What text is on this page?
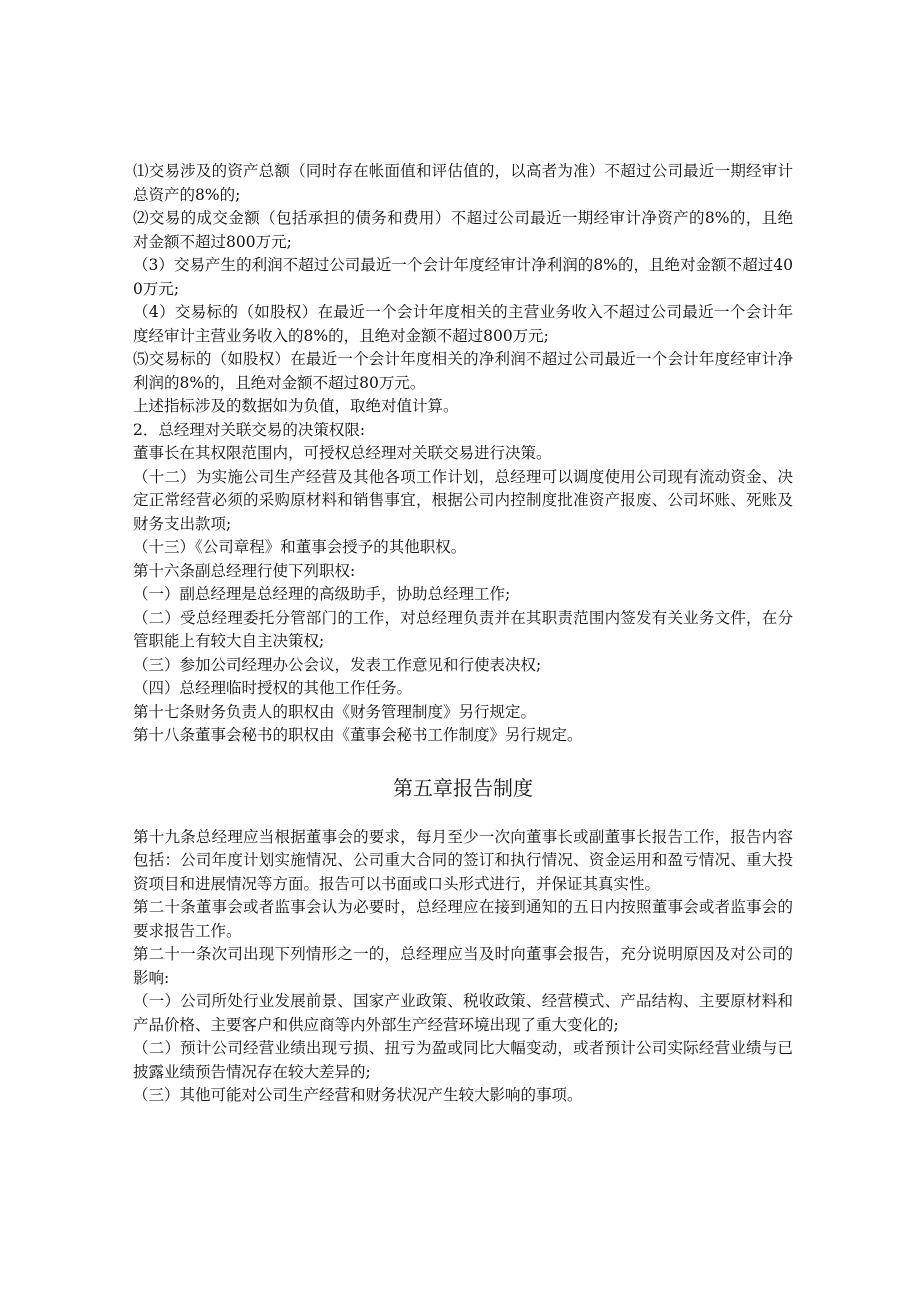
⑴交易涉及的资产总额（同时存在帐面值和评估值的，以高者为准）不超过公司最近一期经审计总资产的8%的;

⑵交易的成交金额（包括承担的债务和费用）不超过公司最近一期经审计净资产的8%的，且绝对金额不超过800万元;

（3）交易产生的利润不超过公司最近一个会计年度经审计净利润的8%的，且绝对金额不超过400万元;

（4）交易标的（如股权）在最近一个会计年度相关的主营业务收入不超过公司最近一个会计年度经审计主营业务收入的8%的，且绝对金额不超过800万元;

⑸交易标的（如股权）在最近一个会计年度相关的净利润不超过公司最近一个会计年度经审计净利润的8%的，且绝对金额不超过80万元。

上述指标涉及的数据如为负值，取绝对值计算。

2．总经理对关联交易的决策权限:

董事长在其权限范围内，可授权总经理对关联交易进行决策。

（十二）为实施公司生产经营及其他各项工作计划，总经理可以调度使用公司现有流动资金、决定正常经营必须的采购原材料和销售事宜，根据公司内控制度批准资产报废、公司坏账、死账及财务支出款项;

（十三）《公司章程》和董事会授予的其他职权。

第十六条副总经理行使下列职权:

（一）副总经理是总经理的高级助手，协助总经理工作;

（二）受总经理委托分管部门的工作，对总经理负责并在其职责范围内签发有关业务文件，在分管职能上有较大自主决策权;

（三）参加公司经理办公会议，发表工作意见和行使表决权;

（四）总经理临时授权的其他工作任务。

第十七条财务负责人的职权由《财务管理制度》另行规定。

第十八条董事会秘书的职权由《董事会秘书工作制度》另行规定。

第五章报告制度

第十九条总经理应当根据董事会的要求，每月至少一次向董事长或副董事长报告工作，报告内容包括：公司年度计划实施情况、公司重大合同的签订和执行情况、资金运用和盈亏情况、重大投资项目和进展情况等方面。报告可以书面或口头形式进行，并保证其真实性。

第二十条董事会或者监事会认为必要时，总经理应在接到通知的五日内按照董事会或者监事会的要求报告工作。

第二十一条次司出现下列情形之一的，总经理应当及时向董事会报告，充分说明原因及对公司的影响:

（一）公司所处行业发展前景、国家产业政策、税收政策、经营模式、产品结构、主要原材料和产品价格、主要客户和供应商等内外部生产经营环境出现了重大变化的;

（二）预计公司经营业绩出现亏损、扭亏为盈或同比大幅变动，或者预计公司实际经营业绩与已披露业绩预告情况存在较大差异的;

（三）其他可能对公司生产经营和财务状况产生较大影响的事项。
